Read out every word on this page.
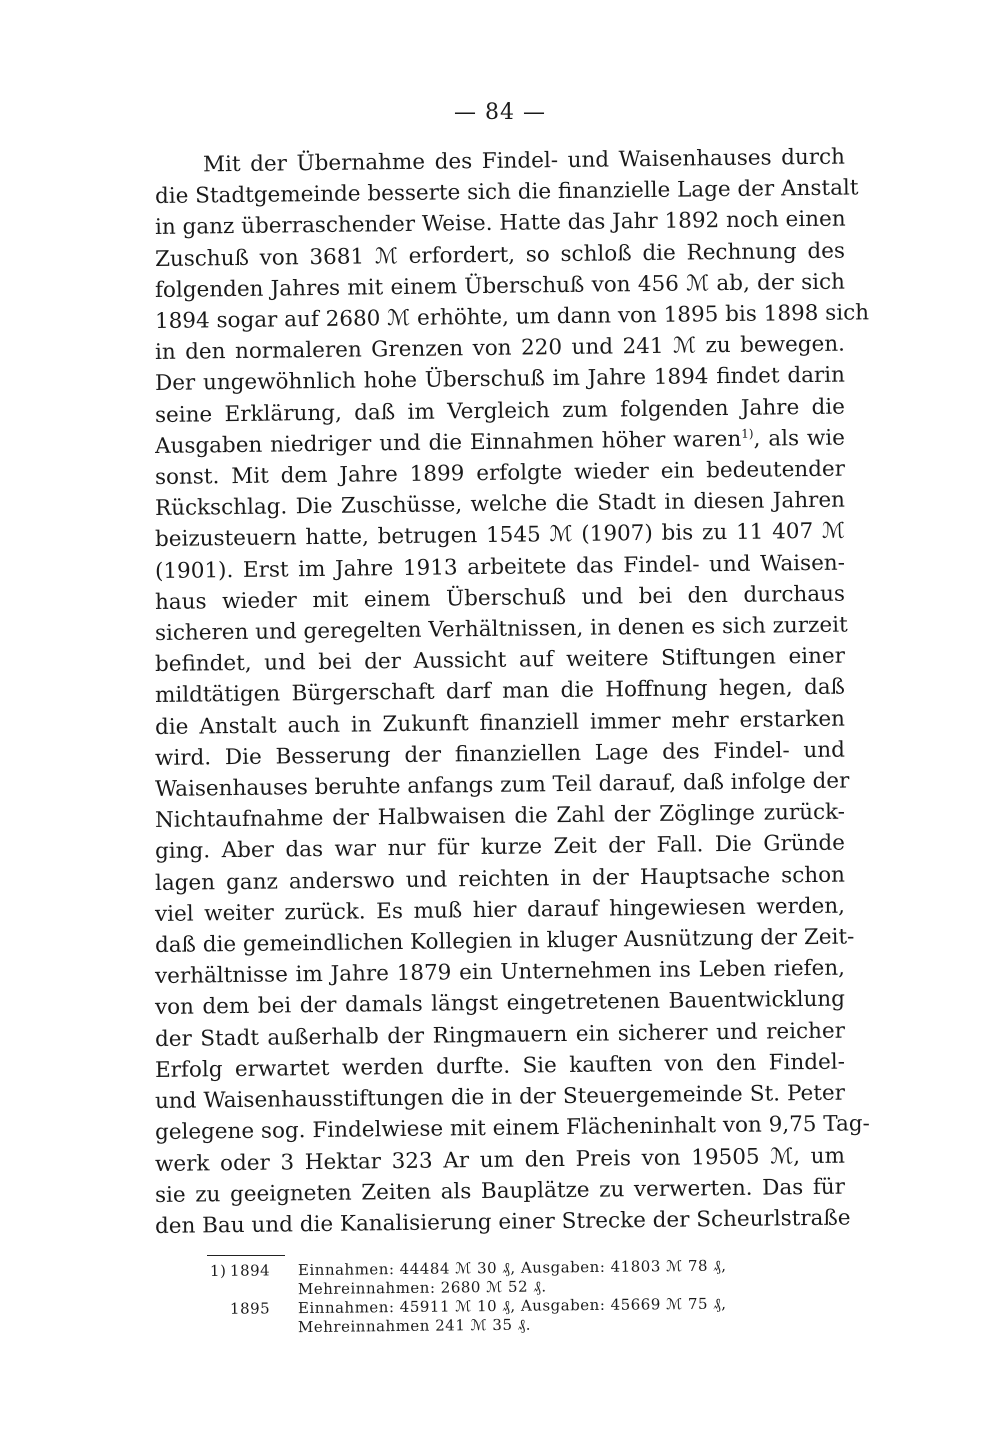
— 84 —
Mit der Übernahme des Findel- und Waisenhauses durch
die Stadtgemeinde besserte sich die finanzielle Lage der Anstalt
in ganz überraschender Weise. Hatte das Jahr 1892 noch einen
Zuschuß von 3681 ℳ erfordert, so schloß die Rechnung des
folgenden Jahres mit einem Überschuß von 456 ℳ ab, der sich
1894 sogar auf 2680 ℳ erhöhte, um dann von 1895 bis 1898 sich
in den normaleren Grenzen von 220 und 241 ℳ zu bewegen.
Der ungewöhnlich hohe Überschuß im Jahre 1894 findet darin
seine Erklärung, daß im Vergleich zum folgenden Jahre die
Ausgaben niedriger und die Einnahmen höher waren$^{1)}$, als wie
sonst. Mit dem Jahre 1899 erfolgte wieder ein bedeutender
Rückschlag. Die Zuschüsse, welche die Stadt in diesen Jahren
beizusteuern hatte, betrugen 1545 ℳ (1907) bis zu 11 407 ℳ
(1901). Erst im Jahre 1913 arbeitete das Findel- und Waisen-
haus wieder mit einem Überschuß und bei den durchaus
sicheren und geregelten Verhältnissen, in denen es sich zurzeit
befindet, und bei der Aussicht auf weitere Stiftungen einer
mildtätigen Bürgerschaft darf man die Hoffnung hegen, daß
die Anstalt auch in Zukunft finanziell immer mehr erstarken
wird. Die Besserung der finanziellen Lage des Findel- und
Waisenhauses beruhte anfangs zum Teil darauf, daß infolge der
Nichtaufnahme der Halbwaisen die Zahl der Zöglinge zurück-
ging. Aber das war nur für kurze Zeit der Fall. Die Gründe
lagen ganz anderswo und reichten in der Hauptsache schon
viel weiter zurück. Es muß hier darauf hingewiesen werden,
daß die gemeindlichen Kollegien in kluger Ausnützung der Zeit-
verhältnisse im Jahre 1879 ein Unternehmen ins Leben riefen,
von dem bei der damals längst eingetretenen Bauentwicklung
der Stadt außerhalb der Ringmauern ein sicherer und reicher
Erfolg erwartet werden durfte. Sie kauften von den Findel-
und Waisenhausstiftungen die in der Steuergemeinde St. Peter
gelegene sog. Findelwiese mit einem Flächeninhalt von 9,75 Tag-
werk oder 3 Hektar 323 Ar um den Preis von 19505 ℳ, um
sie zu geeigneten Zeiten als Bauplätze zu verwerten. Das für
den Bau und die Kanalisierung einer Strecke der Scheurlstraße
1) 1894	Einnahmen: 44484 ℳ 30 ₰, Ausgaben: 41803 ℳ 78 ₰,
Mehreinnahmen: 2680 ℳ 52 ₰.
1895	Einnahmen: 45911 ℳ 10 ₰, Ausgaben: 45669 ℳ 75 ₰,
Mehreinnahmen 241 ℳ 35 ₰.
